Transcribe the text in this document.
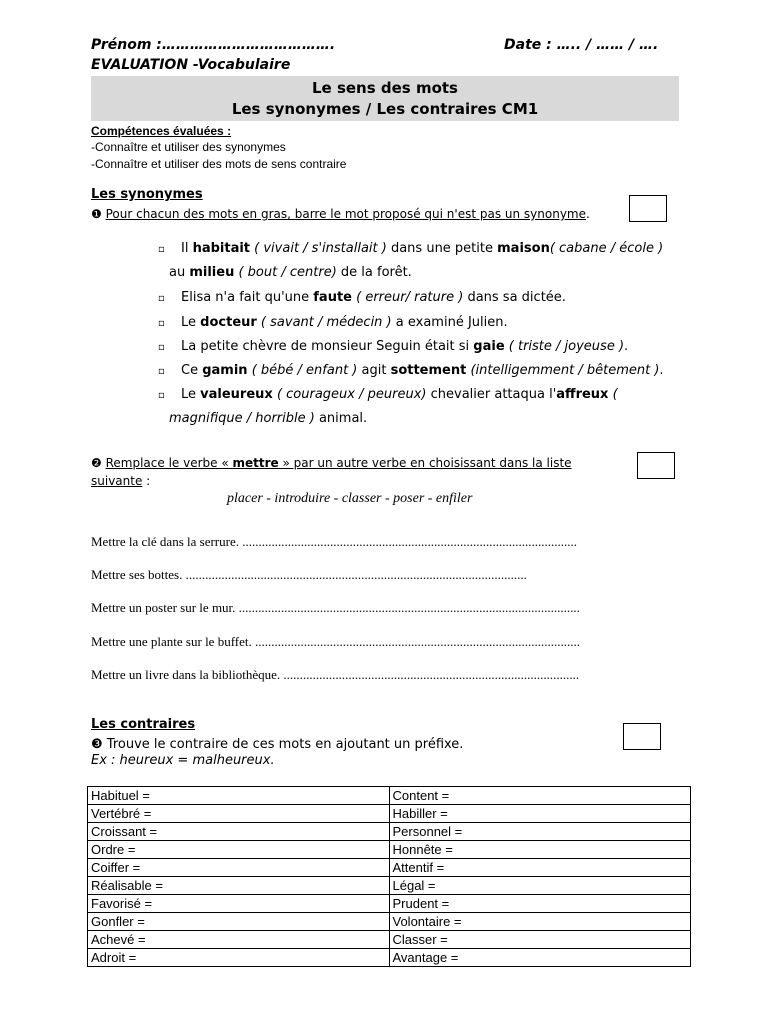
Prénom :……………………………….	Date : ….. / …… / ….
EVALUATION -Vocabulaire
Le sens des mots
Les synonymes / Les contraires CM1
Compétences évaluées :
-Connaître et utiliser des synonymes
-Connaître et utiliser des mots de sens contraire
Les synonymes
❶ Pour chacun des mots en gras, barre le mot proposé qui n'est pas un synonyme.
▫ Il habitait ( vivait / s'installait ) dans une petite maison( cabane / école )
au milieu ( bout / centre) de la forêt.
▫ Elisa n'a fait qu'une faute ( erreur/ rature ) dans sa dictée.
▫ Le docteur ( savant / médecin ) a examiné Julien.
▫ La petite chèvre de monsieur Seguin était si gaie ( triste / joyeuse ).
▫ Ce gamin ( bébé / enfant ) agit sottement (intelligemment / bêtement ).
▫ Le valeureux ( courageux / peureux) chevalier attaqua l'affreux (
magnifique / horrible ) animal.
❷ Remplace le verbe « mettre » par un autre verbe en choisissant dans la liste
suivante :
placer - introduire - classer - poser - enfiler
Mettre la clé dans la serrure. .......................................................................................................
Mettre ses bottes. .........................................................................................................
Mettre un poster sur le mur. .........................................................................................................
Mettre une plante sur le buffet. ....................................................................................................
Mettre un livre dans la bibliothèque. ...........................................................................................
Les contraires
❸ Trouve le contraire de ces mots en ajoutant un préfixe.
Ex : heureux = malheureux.
Habituel =	Content =
Vertébré =	Habiller =
Croissant =	Personnel =
Ordre =	Honnête =
Coiffer =	Attentif =
Réalisable =	Légal =
Favorisé =	Prudent =
Gonfler =	Volontaire =
Achevé =	Classer =
Adroit =	Avantage =
